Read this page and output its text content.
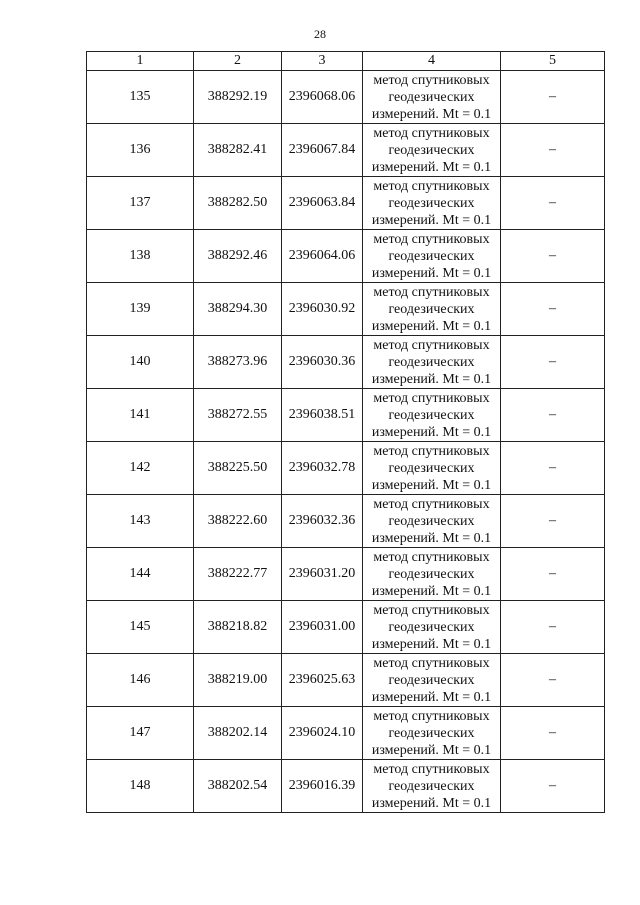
28
1	2	3	4	5
135	388292.19	2396068.06	метод спутниковых
геодезических
измерений. Mt = 0.1	–
136	388282.41	2396067.84	метод спутниковых
геодезических
измерений. Mt = 0.1	–
137	388282.50	2396063.84	метод спутниковых
геодезических
измерений. Mt = 0.1	–
138	388292.46	2396064.06	метод спутниковых
геодезических
измерений. Mt = 0.1	–
139	388294.30	2396030.92	метод спутниковых
геодезических
измерений. Mt = 0.1	–
140	388273.96	2396030.36	метод спутниковых
геодезических
измерений. Mt = 0.1	–
141	388272.55	2396038.51	метод спутниковых
геодезических
измерений. Mt = 0.1	–
142	388225.50	2396032.78	метод спутниковых
геодезических
измерений. Mt = 0.1	–
143	388222.60	2396032.36	метод спутниковых
геодезических
измерений. Mt = 0.1	–
144	388222.77	2396031.20	метод спутниковых
геодезических
измерений. Mt = 0.1	–
145	388218.82	2396031.00	метод спутниковых
геодезических
измерений. Mt = 0.1	–
146	388219.00	2396025.63	метод спутниковых
геодезических
измерений. Mt = 0.1	–
147	388202.14	2396024.10	метод спутниковых
геодезических
измерений. Mt = 0.1	–
148	388202.54	2396016.39	метод спутниковых
геодезических
измерений. Mt = 0.1	–
